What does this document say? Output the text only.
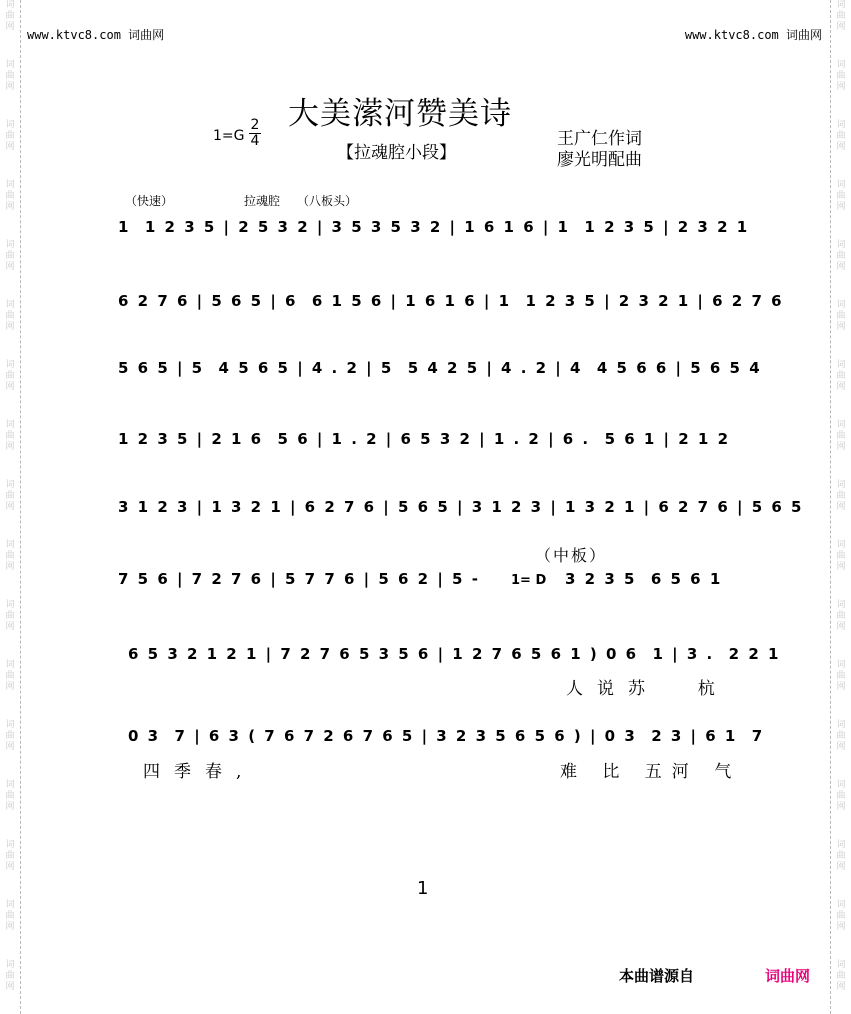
词
曲
网
词
曲
网
词
曲
网
词
曲
网
词
曲
网
词
曲
网
词
曲
网
词
曲
网
词
曲
网
词
曲
网
词
曲
网
词
曲
网
词
曲
网
词
曲
网
词
曲
网
词
曲
网
词
曲
网
词
曲
网
词
曲
网
词
曲
网
词
曲
网
词
曲
网
词
曲
网
词
曲
网
词
曲
网
词
曲
网
词
曲
网
词
曲
网
词
曲
网
词
曲
网
词
曲
网
词
曲
网
词
曲
网
词
曲
网
www.ktvc8.com 词曲网	www.ktvc8.com 词曲网
大美潆河赞美诗
1=G
2
4
【拉魂腔小段】
王广仁作词
廖光明配曲
（快速）	拉魂腔 （八板头）
1  1 2 3 5 | 2 5 3 2 | 3 5 3 5 3 2 | 1 6 1 6 | 1  1 2 3 5 | 2 3 2 1
6 2 7 6 | 5 6 5 | 6  6 1 5 6 | 1 6 1 6 | 1  1 2 3 5 | 2 3 2 1 | 6 2 7 6
5 6 5 | 5  4 5 6 5 | 4 . 2 | 5  5 4 2 5 | 4 . 2 | 4  4 5 6 6 | 5 6 5 4
1 2 3 5 | 2 1 6  5 6 | 1 . 2 | 6 5 3 2 | 1 . 2 | 6 .  5 6 1 | 2 1 2
3 1 2 3 | 1 3 2 1 | 6 2 7 6 | 5 6 5 | 3 1 2 3 | 1 3 2 1 | 6 2 7 6 | 5 6 5
（中板）
7 5 6 | 7 2 7 6 | 5 7 7 6 | 5 6 2 | 5 - 1= D 3 2 3 5  6 5 6 1
6 5 3 2 1 2 1 | 7 2 7 6 5 3 5 6 | 1 2 7 6 5 6 1 ) 0 6  1 | 3 .  2 2 1
人说苏  杭
0 3  7 | 6 3 ( 7 6 7 2 6 7 6 5 | 3 2 3 5 6 5 6 ) | 0 3  2 3 | 6 1  7
四季春,	难 比 五河 气
1
本曲谱源自	词曲网
